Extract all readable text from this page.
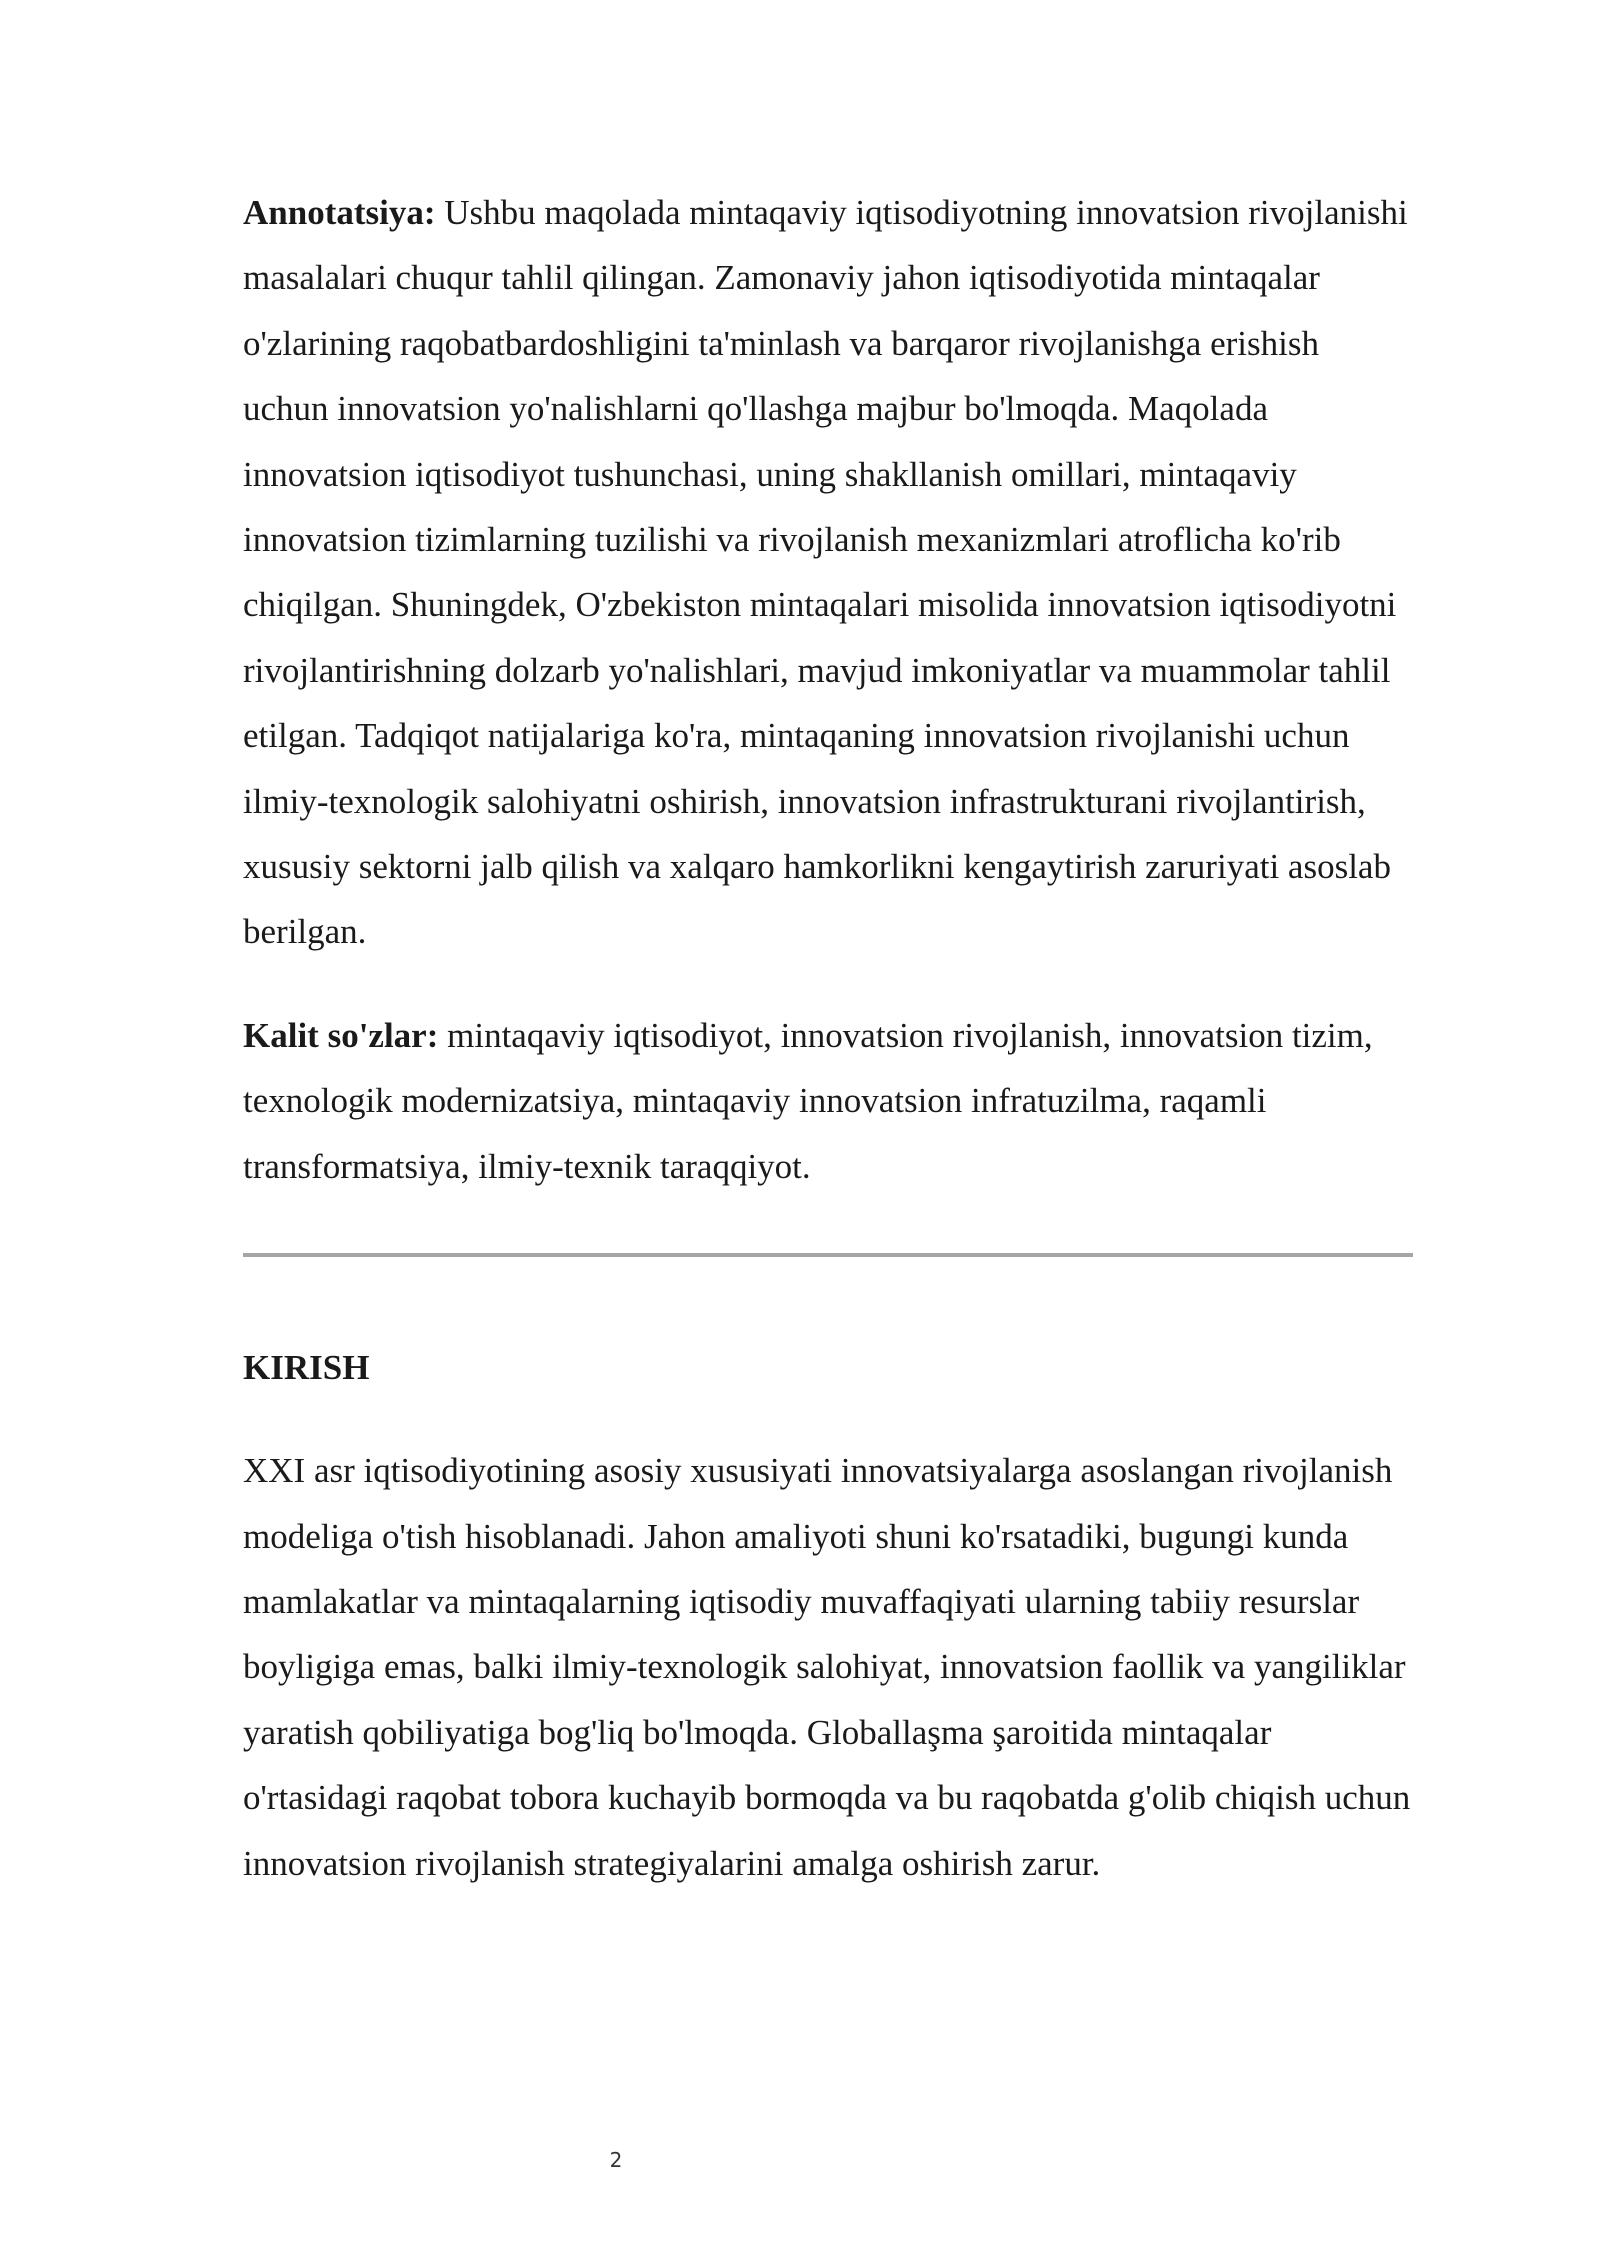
Annotatsiya: Ushbu maqolada mintaqaviy iqtisodiyotning innovatsion rivojlanishi masalalari chuqur tahlil qilingan. Zamonaviy jahon iqtisodiyotida mintaqalar o'zlarining raqobatbardoshligini ta'minlash va barqaror rivojlanishga erishish uchun innovatsion yo'nalishlarni qo'llashga majbur bo'lmoqda. Maqolada innovatsion iqtisodiyot tushunchasi, uning shakllanish omillari, mintaqaviy innovatsion tizimlarning tuzilishi va rivojlanish mexanizmlari atroflicha ko'rib chiqilgan. Shuningdek, O'zbekiston mintaqalari misolida innovatsion iqtisodiyotni rivojlantirishning dolzarb yo'nalishlari, mavjud imkoniyatlar va muammolar tahlil etilgan. Tadqiqot natijalariga ko'ra, mintaqaning innovatsion rivojlanishi uchun ilmiy-texnologik salohiyatni oshirish, innovatsion infrastrukturani rivojlantirish, xususiy sektorni jalb qilish va xalqaro hamkorlikni kengaytirish zaruriyati asoslab berilgan.

Kalit so'zlar: mintaqaviy iqtisodiyot, innovatsion rivojlanish, innovatsion tizim, texnologik modernizatsiya, mintaqaviy innovatsion infratuzilma, raqamli transformatsiya, ilmiy-texnik taraqqiyot.

KIRISH

XXI asr iqtisodiyotining asosiy xususiyati innovatsiyalarga asoslangan rivojlanish modeliga o'tish hisoblanadi. Jahon amaliyoti shuni ko'rsatadiki, bugungi kunda mamlakatlar va mintaqalarning iqtisodiy muvaffaqiyati ularning tabiiy resurslar boyligiga emas, balki ilmiy-texnologik salohiyat, innovatsion faollik va yangiliklar yaratish qobiliyatiga bog'liq bo'lmoqda. Globallaşma şaroitida mintaqalar o'rtasidagi raqobat tobora kuchayib bormoqda va bu raqobatda g'olib chiqish uchun innovatsion rivojlanish strategiyalarini amalga oshirish zarur.

2
